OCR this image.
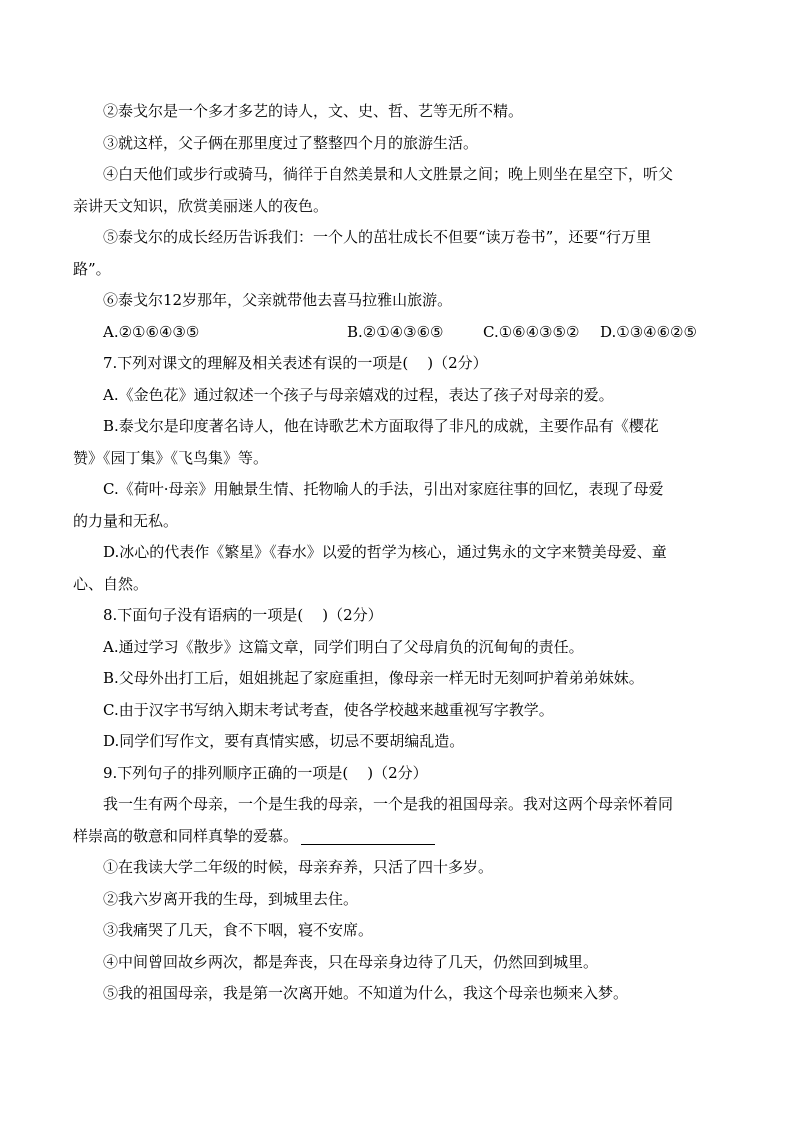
②泰戈尔是一个多才多艺的诗人，文、史、哲、艺等无所不精。
③就这样，父子俩在那里度过了整整四个月的旅游生活。
④白天他们或步行或骑马，徜徉于自然美景和人文胜景之间；晚上则坐在星空下，听父
亲讲天文知识，欣赏美丽迷人的夜色。
⑤泰戈尔的成长经历告诉我们：一个人的茁壮成长不但要“读万卷书”，还要“行万里
路”。
⑥泰戈尔12岁那年，父亲就带他去喜马拉雅山旅游。
A.②①⑥④③⑤	B.②①④③⑥⑤	C.①⑥④③⑤② D.①③④⑥②⑤
7.下列对课文的理解及相关表述有误的一项是(    )（2分）
A.《金色花》通过叙述一个孩子与母亲嬉戏的过程，表达了孩子对母亲的爱。
B.泰戈尔是印度著名诗人，他在诗歌艺术方面取得了非凡的成就，主要作品有《樱花
赞》《园丁集》《飞鸟集》等。
C.《荷叶·母亲》用触景生情、托物喻人的手法，引出对家庭往事的回忆，表现了母爱
的力量和无私。
D.冰心的代表作《繁星》《春水》以爱的哲学为核心，通过隽永的文字来赞美母爱、童
心、自然。
8.下面句子没有语病的一项是(    )（2分）
A.通过学习《散步》这篇文章，同学们明白了父母肩负的沉甸甸的责任。
B.父母外出打工后，姐姐挑起了家庭重担，像母亲一样无时无刻呵护着弟弟妹妹。
C.由于汉字书写纳入期末考试考查，使各学校越来越重视写字教学。
D.同学们写作文，要有真情实感，切忌不要胡编乱造。
9.下列句子的排列顺序正确的一项是(    )（2分）
我一生有两个母亲，一个是生我的母亲，一个是我的祖国母亲。我对这两个母亲怀着同
样崇高的敬意和同样真挚的爱慕。
①在我读大学二年级的时候，母亲弃养，只活了四十多岁。
②我六岁离开我的生母，到城里去住。
③我痛哭了几天，食不下咽，寝不安席。
④中间曾回故乡两次，都是奔丧，只在母亲身边待了几天，仍然回到城里。
⑤我的祖国母亲，我是第一次离开她。不知道为什么，我这个母亲也频来入梦。
